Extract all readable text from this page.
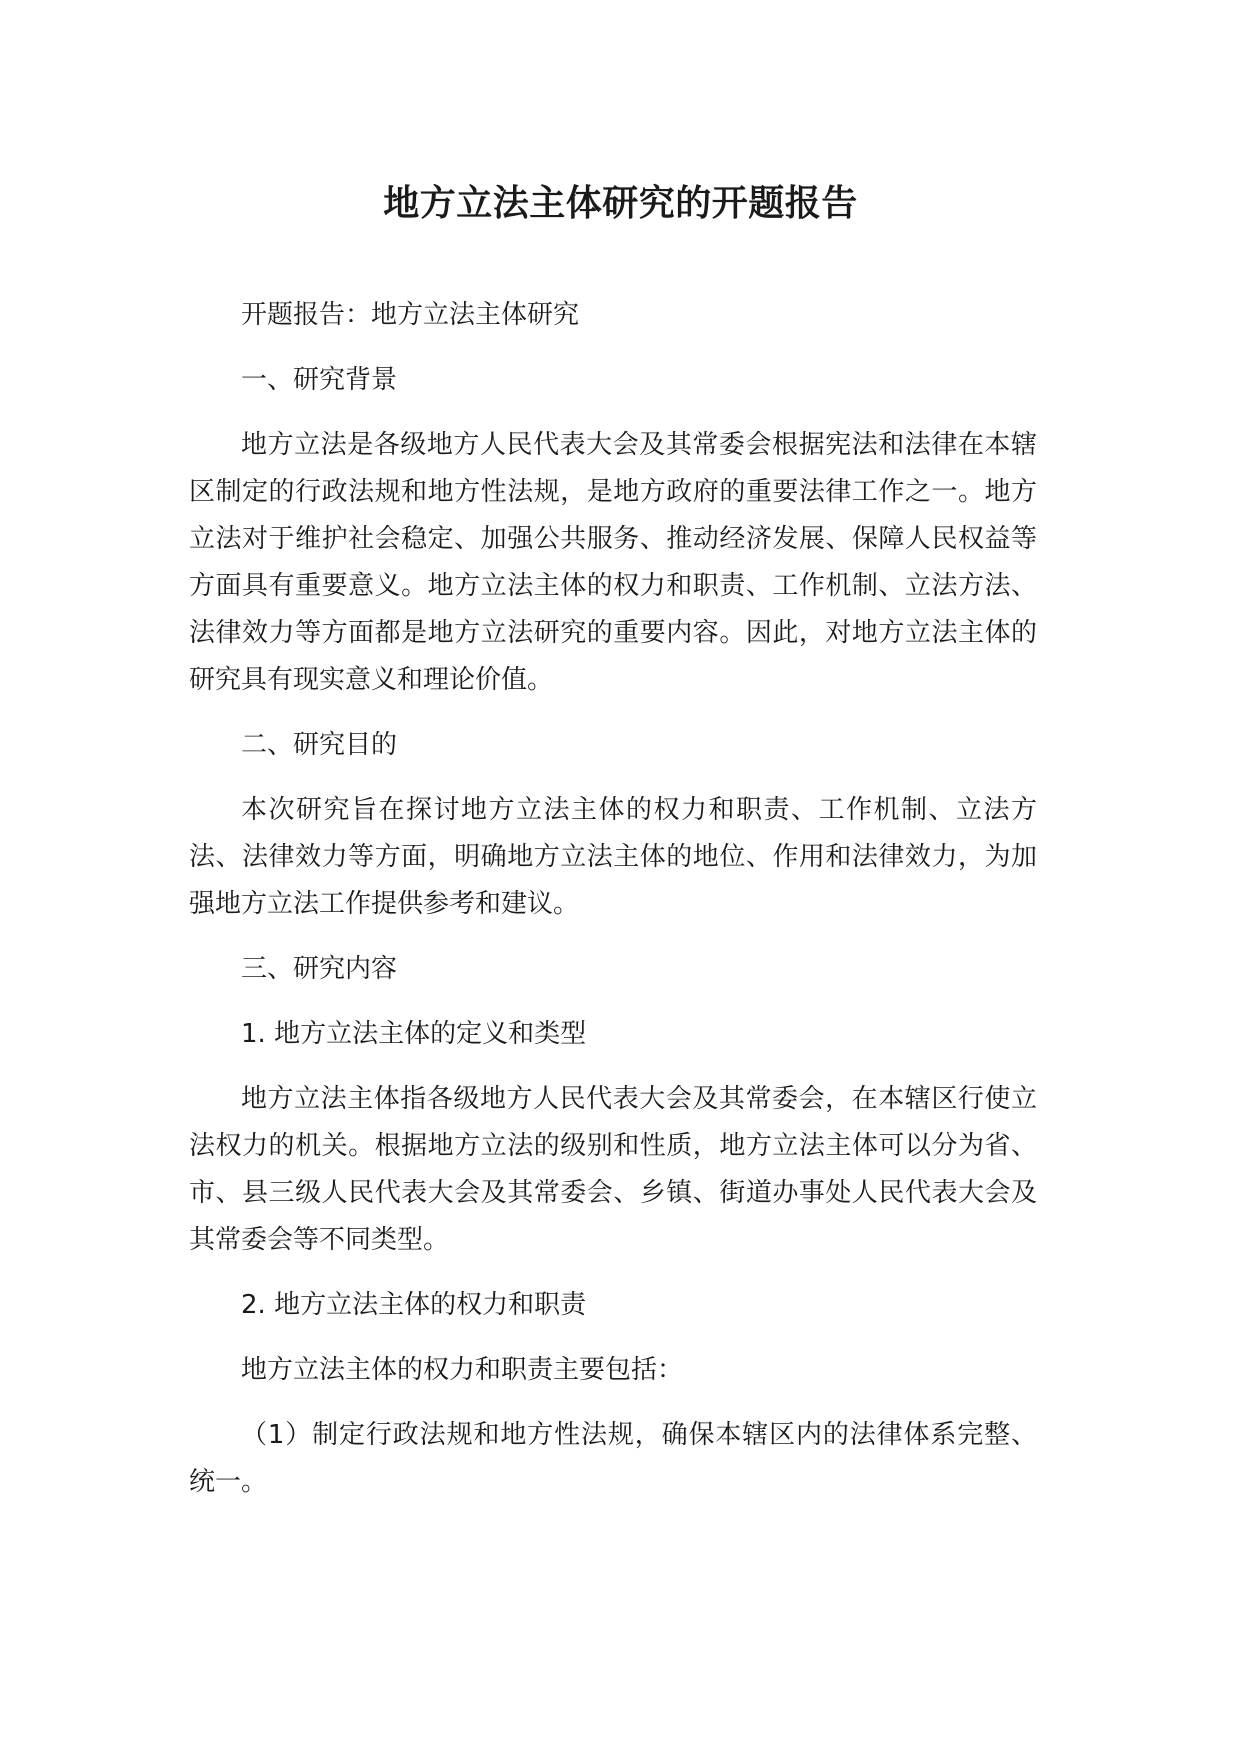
地方立法主体研究的开题报告

开题报告：地方立法主体研究

一、研究背景

地方立法是各级地方人民代表大会及其常委会根据宪法和法律在本辖区制定的行政法规和地方性法规，是地方政府的重要法律工作之一。地方立法对于维护社会稳定、加强公共服务、推动经济发展、保障人民权益等方面具有重要意义。地方立法主体的权力和职责、工作机制、立法方法、法律效力等方面都是地方立法研究的重要内容。因此，对地方立法主体的研究具有现实意义和理论价值。

二、研究目的

本次研究旨在探讨地方立法主体的权力和职责、工作机制、立法方法、法律效力等方面，明确地方立法主体的地位、作用和法律效力，为加强地方立法工作提供参考和建议。

三、研究内容

1. 地方立法主体的定义和类型

地方立法主体指各级地方人民代表大会及其常委会，在本辖区行使立法权力的机关。根据地方立法的级别和性质，地方立法主体可以分为省、市、县三级人民代表大会及其常委会、乡镇、街道办事处人民代表大会及其常委会等不同类型。

2. 地方立法主体的权力和职责

地方立法主体的权力和职责主要包括：

（1）制定行政法规和地方性法规，确保本辖区内的法律体系完整、统一。
